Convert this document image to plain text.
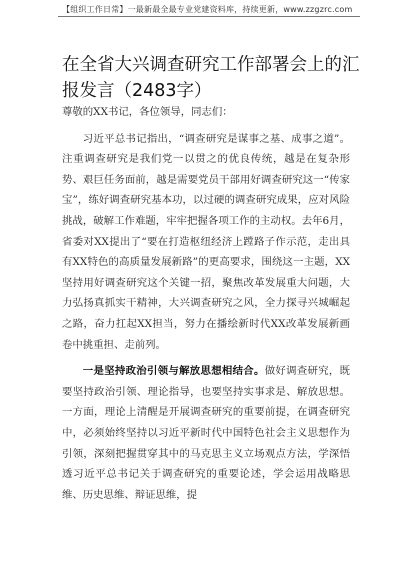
【组织工作日常】一最新最全最专业党建资料库，持续更新，www.zzgzrc.com
在全省大兴调查研究工作部署会上的汇报发言（2483字）

尊敬的XX书记，各位领导，同志们：

习近平总书记指出，“调查研究是谋事之基、成事之道”。注重调查研究是我们党一以贯之的优良传统，越是在复杂形势、艰巨任务面前，越是需要党员干部用好调查研究这一“传家宝”，练好调查研究基本功，以过硬的调查研究成果，应对风险挑战，破解工作难题，牢牢把握各项工作的主动权。去年6月，省委对XX提出了“要在打造枢纽经济上蹚路子作示范，走出具有XX特色的高质量发展新路”的更高要求，围绕这一主题，XX坚持用好调查研究这个关键一招，聚焦改革发展重大问题，大力弘扬真抓实干精神，大兴调查研究之风，全力探寻兴城崛起之路，奋力扛起XX担当，努力在播绘新时代XX改革发展新画卷中挑重担、走前列。

一是坚持政治引领与解放思想相结合。做好调查研究，既要坚持政治引领、理论指导，也要坚持实事求是、解放思想。一方面，理论上清醒是开展调查研究的重要前提，在调查研究中，必须始终坚持以习近平新时代中国特色社会主义思想作为引领，深刻把握贯穿其中的马克思主义立场观点方法，学深悟透习近平总书记关于调查研究的重要论述，学会运用战略思维、历史思维、辩证思维，提
